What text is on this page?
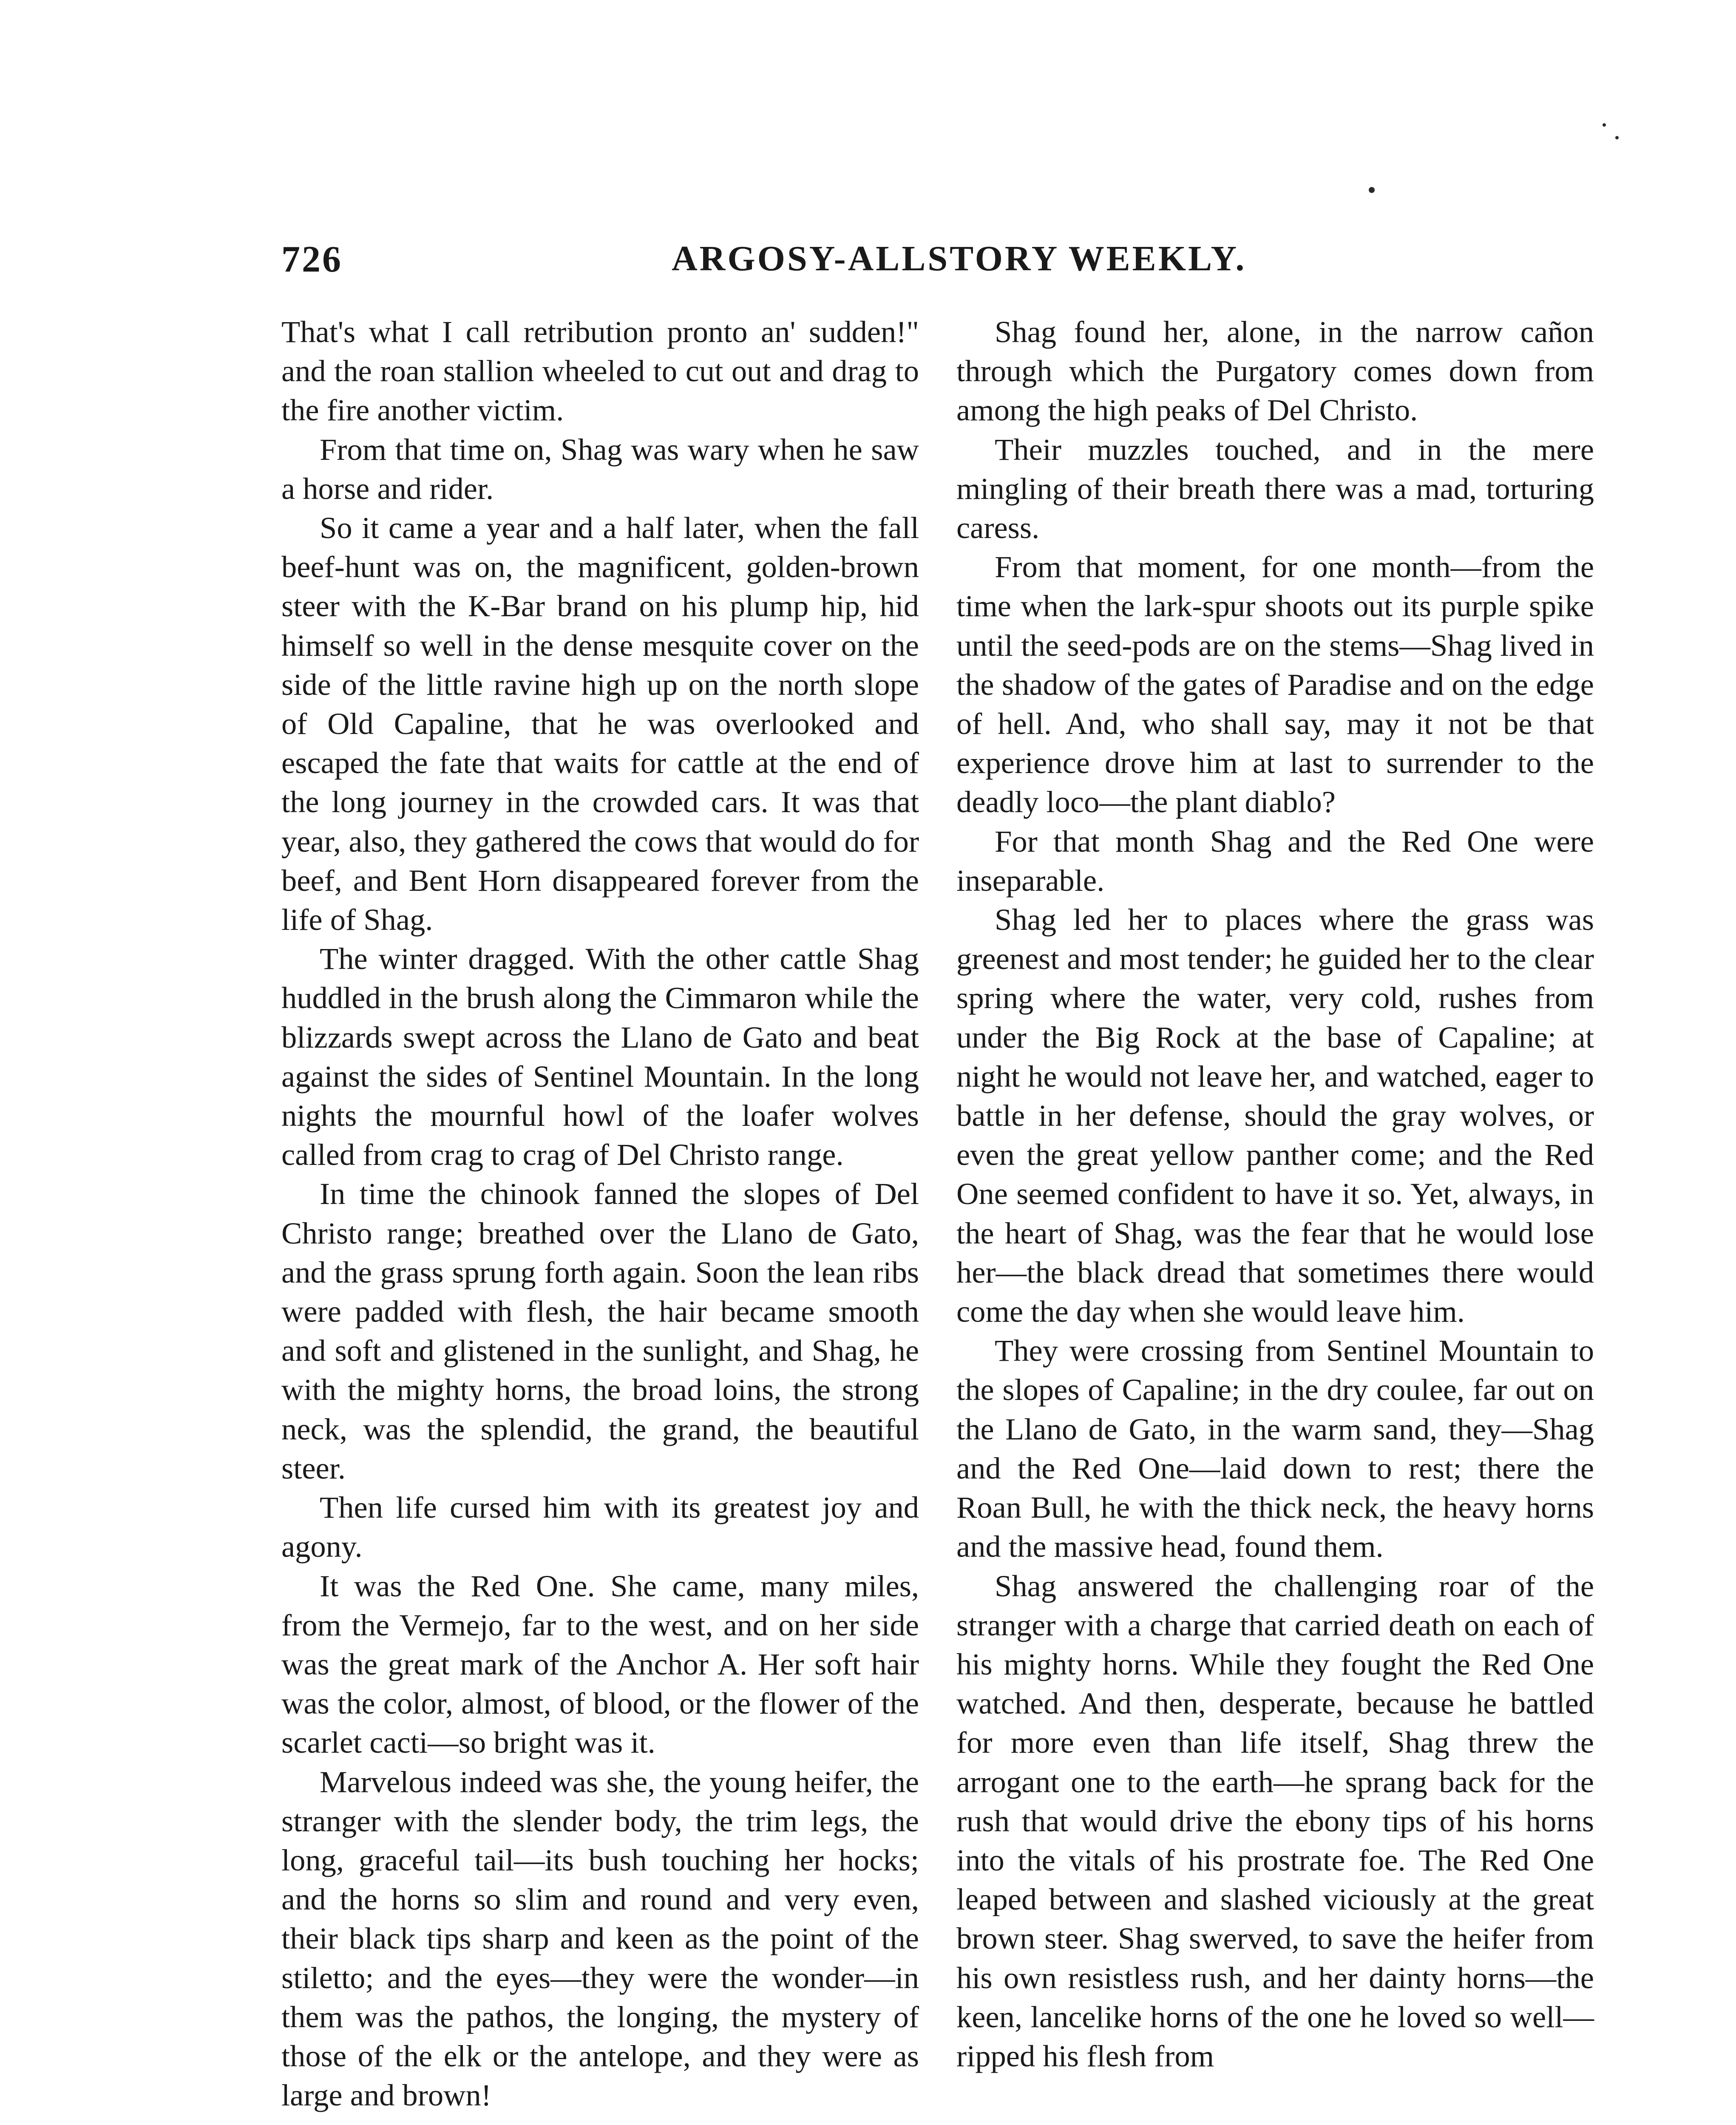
726	ARGOSY-ALLSTORY WEEKLY.

That's what I call retribution pronto an' sudden!" and the roan stallion wheeled to cut out and drag to the fire another victim.

From that time on, Shag was wary when he saw a horse and rider.

So it came a year and a half later, when the fall beef-hunt was on, the magnificent, golden-brown steer with the K-Bar brand on his plump hip, hid himself so well in the dense mesquite cover on the side of the little ravine high up on the north slope of Old Capaline, that he was overlooked and escaped the fate that waits for cattle at the end of the long journey in the crowded cars. It was that year, also, they gathered the cows that would do for beef, and Bent Horn disappeared forever from the life of Shag.

The winter dragged. With the other cattle Shag huddled in the brush along the Cimmaron while the blizzards swept across the Llano de Gato and beat against the sides of Sentinel Mountain. In the long nights the mournful howl of the loafer wolves called from crag to crag of Del Christo range.

In time the chinook fanned the slopes of Del Christo range; breathed over the Llano de Gato, and the grass sprung forth again. Soon the lean ribs were padded with flesh, the hair became smooth and soft and glistened in the sunlight, and Shag, he with the mighty horns, the broad loins, the strong neck, was the splendid, the grand, the beautiful steer.

Then life cursed him with its greatest joy and agony.

It was the Red One. She came, many miles, from the Vermejo, far to the west, and on her side was the great mark of the Anchor A. Her soft hair was the color, almost, of blood, or the flower of the scarlet cacti—so bright was it.

Marvelous indeed was she, the young heifer, the stranger with the slender body, the trim legs, the long, graceful tail—its bush touching her hocks; and the horns so slim and round and very even, their black tips sharp and keen as the point of the stiletto; and the eyes—they were the wonder—in them was the pathos, the longing, the mystery of those of the elk or the antelope, and they were as large and brown!

Shag found her, alone, in the narrow cañon through which the Purgatory comes down from among the high peaks of Del Christo.

Their muzzles touched, and in the mere mingling of their breath there was a mad, torturing caress.

From that moment, for one month—from the time when the lark-spur shoots out its purple spike until the seed-pods are on the stems—Shag lived in the shadow of the gates of Paradise and on the edge of hell. And, who shall say, may it not be that experience drove him at last to surrender to the deadly loco—the plant diablo?

For that month Shag and the Red One were inseparable.

Shag led her to places where the grass was greenest and most tender; he guided her to the clear spring where the water, very cold, rushes from under the Big Rock at the base of Capaline; at night he would not leave her, and watched, eager to battle in her defense, should the gray wolves, or even the great yellow panther come; and the Red One seemed confident to have it so. Yet, always, in the heart of Shag, was the fear that he would lose her—the black dread that sometimes there would come the day when she would leave him.

They were crossing from Sentinel Mountain to the slopes of Capaline; in the dry coulee, far out on the Llano de Gato, in the warm sand, they—Shag and the Red One—laid down to rest; there the Roan Bull, he with the thick neck, the heavy horns and the massive head, found them.

Shag answered the challenging roar of the stranger with a charge that carried death on each of his mighty horns. While they fought the Red One watched. And then, desperate, because he battled for more even than life itself, Shag threw the arrogant one to the earth—he sprang back for the rush that would drive the ebony tips of his horns into the vitals of his prostrate foe. The Red One leaped between and slashed viciously at the great brown steer. Shag swerved, to save the heifer from his own resistless rush, and her dainty horns—the keen, lancelike horns of the one he loved so well—ripped his flesh from
